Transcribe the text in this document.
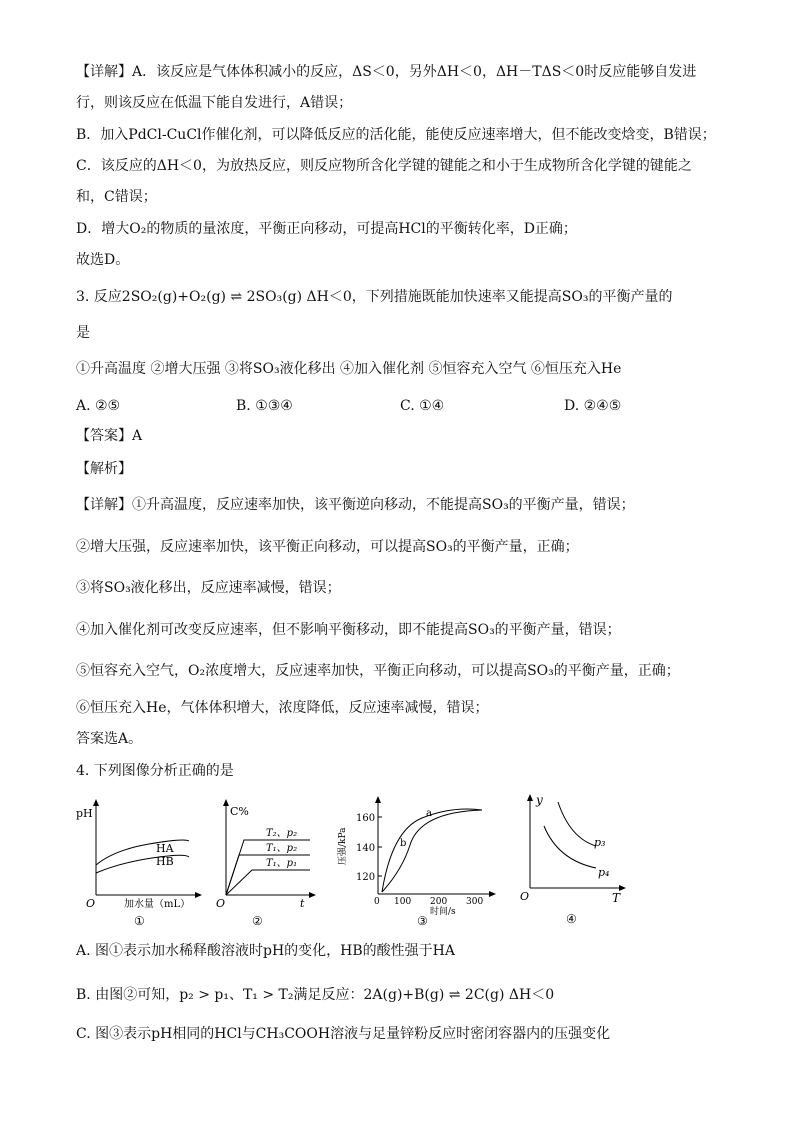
【详解】A．该反应是气体体积减小的反应，ΔS＜0，另外ΔH＜0，ΔH－TΔS＜0时反应能够自发进
行，则该反应在低温下能自发进行，A错误；
B．加入PdCl-CuCl作催化剂，可以降低反应的活化能，能使反应速率增大，但不能改变焓变，B错误；
C．该反应的ΔH＜0，为放热反应，则反应物所含化学键的键能之和小于生成物所含化学键的键能之
和，C错误；
D．增大O₂的物质的量浓度，平衡正向移动，可提高HCl的平衡转化率，D正确；
故选D。
3. 反应2SO₂(g)+O₂(g) ⇌ 2SO₃(g) ΔH＜0，下列措施既能加快速率又能提高SO₃的平衡产量的
是
①升高温度 ②增大压强 ③将SO₃液化移出 ④加入催化剂 ⑤恒容充入空气 ⑥恒压充入He
A. ②⑤	B. ①③④	C. ①④	D. ②④⑤
【答案】A
【解析】
【详解】①升高温度，反应速率加快，该平衡逆向移动，不能提高SO₃的平衡产量，错误；
②增大压强，反应速率加快，该平衡正向移动，可以提高SO₃的平衡产量，正确；
③将SO₃液化移出，反应速率减慢，错误；
④加入催化剂可改变反应速率，但不影响平衡移动，即不能提高SO₃的平衡产量，错误；
⑤恒容充入空气，O₂浓度增大，反应速率加快，平衡正向移动，可以提高SO₃的平衡产量，正确；
⑥恒压充入He，气体体积增大，浓度降低，反应速率减慢，错误；
答案选A。
4. 下列图像分析正确的是
pH
HA
HB
O	加水量（mL）
①
C%
T₂、p₂
T₁、p₂
T₁、p₁
O	t
②
a
b
160
140
120
压强/kPa
0 100 200 300
时间/s
③
y
p₃
p₄
O	T
④
A. 图①表示加水稀释酸溶液时pH的变化，HB的酸性强于HA
B. 由图②可知，p₂ > p₁、T₁ > T₂满足反应：2A(g)+B(g) ⇌ 2C(g) ΔH＜0
C. 图③表示pH相同的HCl与CH₃COOH溶液与足量锌粉反应时密闭容器内的压强变化
